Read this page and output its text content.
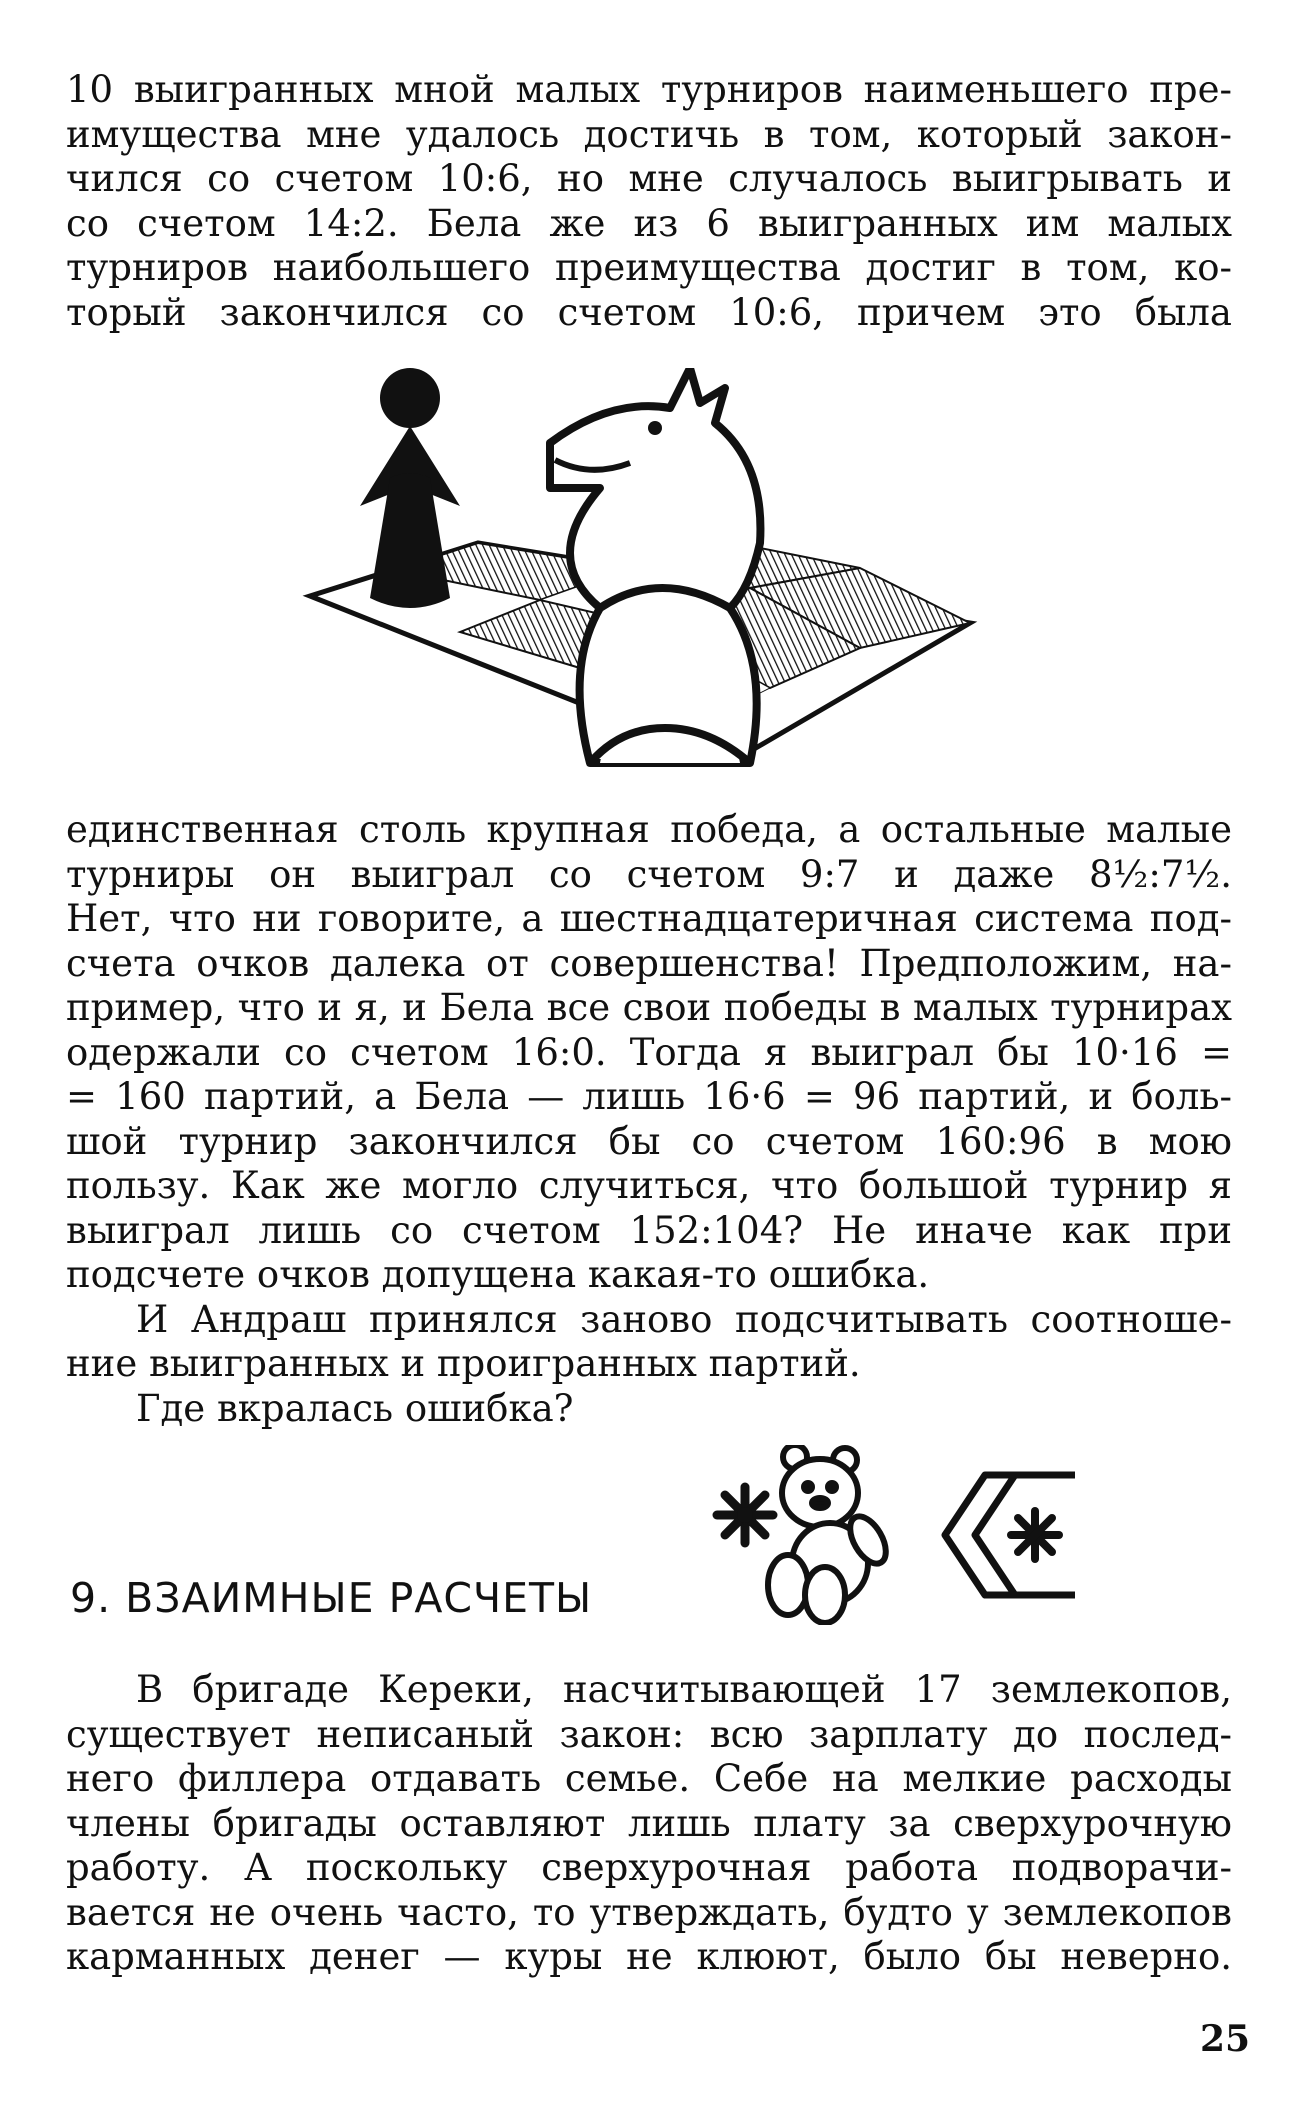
10 выигранных мной малых турниров наименьшего пре-
имущества мне удалось достичь в том, который закон-
чился со счетом 10:6, но мне случалось выигрывать и
со счетом 14:2. Бела же из 6 выигранных им малых
турниров наибольшего преимущества достиг в том, ко-
торый закончился со счетом 10:6, причем это была
единственная столь крупная победа, а остальные малые
турниры он выиграл со счетом 9:7 и даже 8½:7½.
Нет, что ни говорите, а шестнадцатеричная система под-
счета очков далека от совершенства! Предположим, на-
пример, что и я, и Бела все свои победы в малых турнирах
одержали со счетом 16:0. Тогда я выиграл бы 10·16 =
= 160 партий, а Бела — лишь 16·6 = 96 партий, и боль-
шой турнир закончился бы со счетом 160:96 в мою
пользу. Как же могло случиться, что большой турнир я
выиграл лишь со счетом 152:104? Не иначе как при
подсчете очков допущена какая-то ошибка.
И Андраш принялся заново подсчитывать соотноше-
ние выигранных и проигранных партий.
Где вкралась ошибка?
9. ВЗАИМНЫЕ РАСЧЕТЫ
В бригаде Кереки, насчитывающей 17 землекопов,
существует неписаный закон: всю зарплату до послед-
него филлера отдавать семье. Себе на мелкие расходы
члены бригады оставляют лишь плату за сверхурочную
работу. А поскольку сверхурочная работа подворачи-
вается не очень часто, то утверждать, будто у землекопов
карманных денег — куры не клюют, было бы неверно.
25
